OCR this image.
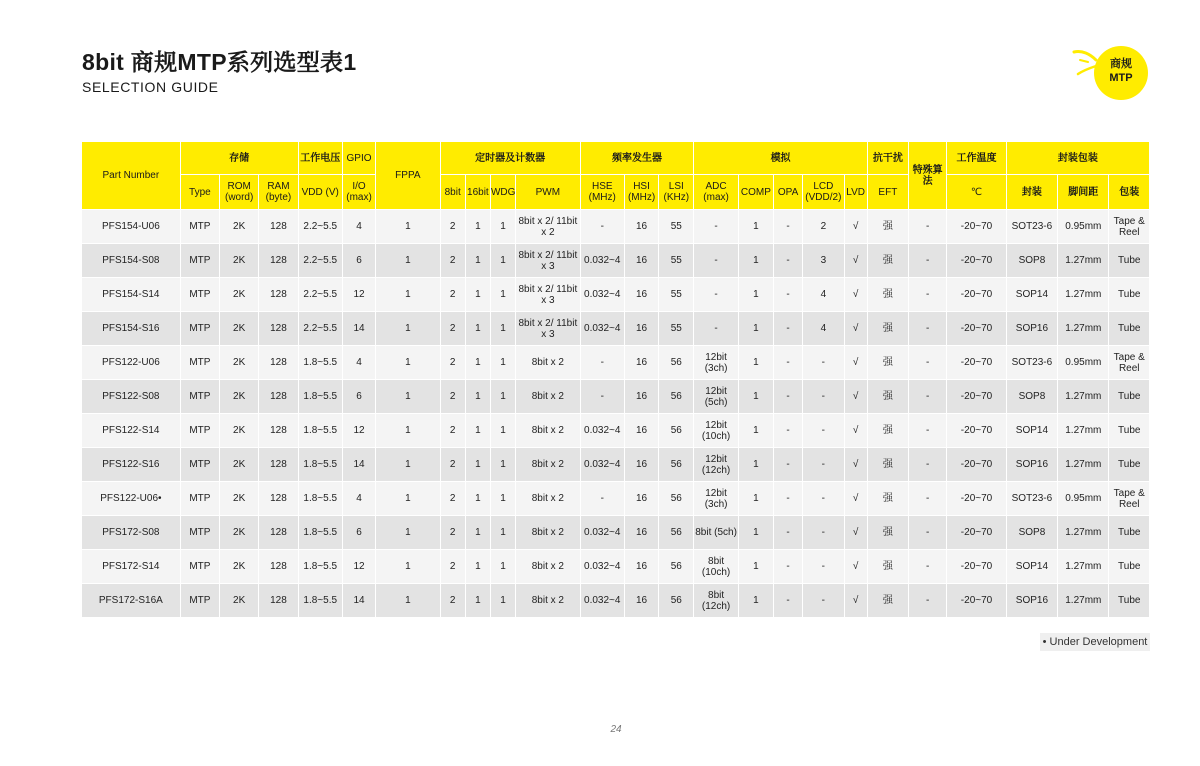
8bit 商规MTP系列选型表1
SELECTION GUIDE
商规
MTP
Part Number	存储			工作电压	GPIO	FPPA	定时器及计数器				频率发生器			模拟					抗干扰	特殊算法	工作温度	封装包装		
	Type	ROM (word)	RAM (byte)	VDD (V)	I/O (max)		8bit	16bit	WDG	PWM	HSE (MHz)	HSI (MHz)	LSI (KHz)	ADC (max)	COMP	OPA	LCD (VDD/2)	LVD	EFT		℃	封装	脚间距	包装
PFS154-U06	MTP	2K	128	2.2~5.5	4	1	2	1	1	8bit x 2/ 11bit x 2	-	16	55	-	1	-	2	√	强	-	-20~70	SOT23-6	0.95mm	Tape & Reel
PFS154-S08	MTP	2K	128	2.2~5.5	6	1	2	1	1	8bit x 2/ 11bit x 3	0.032~4	16	55	-	1	-	3	√	强	-	-20~70	SOP8	1.27mm	Tube
PFS154-S14	MTP	2K	128	2.2~5.5	12	1	2	1	1	8bit x 2/ 11bit x 3	0.032~4	16	55	-	1	-	4	√	强	-	-20~70	SOP14	1.27mm	Tube
PFS154-S16	MTP	2K	128	2.2~5.5	14	1	2	1	1	8bit x 2/ 11bit x 3	0.032~4	16	55	-	1	-	4	√	强	-	-20~70	SOP16	1.27mm	Tube
PFS122-U06	MTP	2K	128	1.8~5.5	4	1	2	1	1	8bit x 2	-	16	56	12bit (3ch)	1	-	-	√	强	-	-20~70	SOT23-6	0.95mm	Tape & Reel
PFS122-S08	MTP	2K	128	1.8~5.5	6	1	2	1	1	8bit x 2	-	16	56	12bit (5ch)	1	-	-	√	强	-	-20~70	SOP8	1.27mm	Tube
PFS122-S14	MTP	2K	128	1.8~5.5	12	1	2	1	1	8bit x 2	0.032~4	16	56	12bit (10ch)	1	-	-	√	强	-	-20~70	SOP14	1.27mm	Tube
PFS122-S16	MTP	2K	128	1.8~5.5	14	1	2	1	1	8bit x 2	0.032~4	16	56	12bit (12ch)	1	-	-	√	强	-	-20~70	SOP16	1.27mm	Tube
PFS122-U06•	MTP	2K	128	1.8~5.5	4	1	2	1	1	8bit x 2	-	16	56	12bit (3ch)	1	-	-	√	强	-	-20~70	SOT23-6	0.95mm	Tape & Reel
PFS172-S08	MTP	2K	128	1.8~5.5	6	1	2	1	1	8bit x 2	0.032~4	16	56	8bit (5ch)	1	-	-	√	强	-	-20~70	SOP8	1.27mm	Tube
PFS172-S14	MTP	2K	128	1.8~5.5	12	1	2	1	1	8bit x 2	0.032~4	16	56	8bit (10ch)	1	-	-	√	强	-	-20~70	SOP14	1.27mm	Tube
PFS172-S16A	MTP	2K	128	1.8~5.5	14	1	2	1	1	8bit x 2	0.032~4	16	56	8bit (12ch)	1	-	-	√	强	-	-20~70	SOP16	1.27mm	Tube
• Under Development
24
